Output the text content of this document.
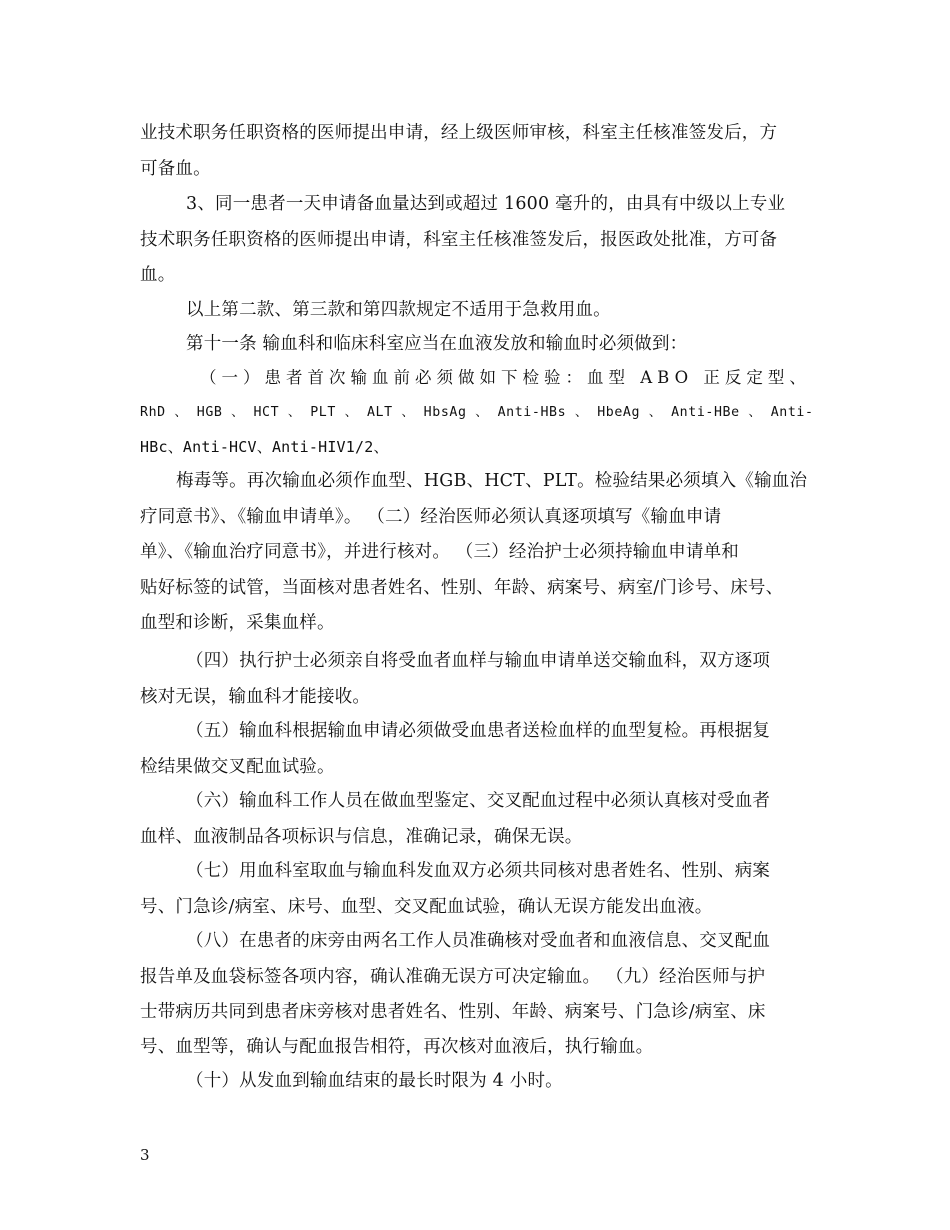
业技术职务任职资格的医师提出申请，经上级医师审核，科室主任核准签发后，方
可备血。
3、同一患者一天申请备血量达到或超过 1600 毫升的，由具有中级以上专业
技术职务任职资格的医师提出申请，科室主任核准签发后，报医政处批准，方可备
血。
以上第二款、第三款和第四款规定不适用于急救用血。
第十一条 输血科和临床科室应当在血液发放和输血时必须做到：
（一）患者首次输血前必须做如下检验：血型 ABO 正反定型、
RhD 、 HGB 、 HCT 、 PLT 、 ALT 、 HbsAg 、 Anti-HBs 、 HbeAg 、 Anti-HBe 、 Anti-
HBc、Anti-HCV、Anti-HIV1/2、
梅毒等。再次输血必须作血型、HGB、HCT、PLT。检验结果必须填入《输血治
疗同意书》、《输血申请单》。 （二）经治医师必须认真逐项填写《输血申请
单》、《输血治疗同意书》，并进行核对。 （三）经治护士必须持输血申请单和
贴好标签的试管，当面核对患者姓名、性别、年龄、病案号、病室/门诊号、床号、
血型和诊断，采集血样。
（四）执行护士必须亲自将受血者血样与输血申请单送交输血科，双方逐项
核对无误，输血科才能接收。
（五）输血科根据输血申请必须做受血患者送检血样的血型复检。再根据复
检结果做交叉配血试验。
（六）输血科工作人员在做血型鉴定、交叉配血过程中必须认真核对受血者
血样、血液制品各项标识与信息，准确记录，确保无误。
（七）用血科室取血与输血科发血双方必须共同核对患者姓名、性别、病案
号、门急诊/病室、床号、血型、交叉配血试验，确认无误方能发出血液。
（八）在患者的床旁由两名工作人员准确核对受血者和血液信息、交叉配血
报告单及血袋标签各项内容，确认准确无误方可决定输血。 （九）经治医师与护
士带病历共同到患者床旁核对患者姓名、性别、年龄、病案号、门急诊/病室、床
号、血型等，确认与配血报告相符，再次核对血液后，执行输血。
（十）从发血到输血结束的最长时限为 4 小时。
3
